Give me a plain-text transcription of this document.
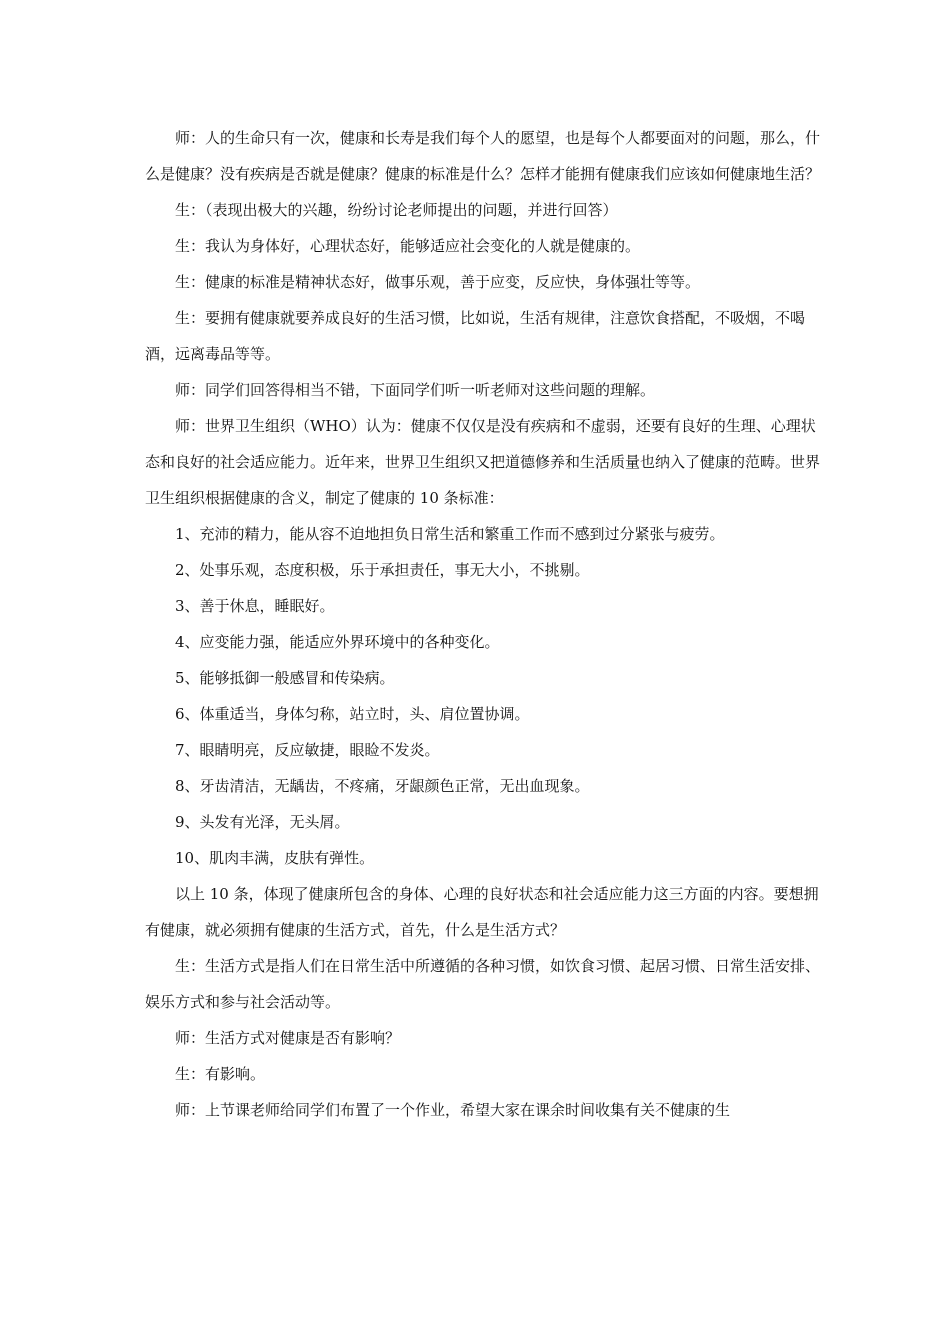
师：人的生命只有一次，健康和长寿是我们每个人的愿望，也是每个人都要面对的问题，那么，什么是健康？没有疾病是否就是健康？健康的标准是什么？怎样才能拥有健康我们应该如何健康地生活？

生：（表现出极大的兴趣，纷纷讨论老师提出的问题，并进行回答）

生：我认为身体好，心理状态好，能够适应社会变化的人就是健康的。

生：健康的标准是精神状态好，做事乐观，善于应变，反应快，身体强壮等等。

生：要拥有健康就要养成良好的生活习惯，比如说，生活有规律，注意饮食搭配，不吸烟，不喝酒，远离毒品等等。

师：同学们回答得相当不错，下面同学们听一听老师对这些问题的理解。

师：世界卫生组织（WHO）认为：健康不仅仅是没有疾病和不虚弱，还要有良好的生理、心理状态和良好的社会适应能力。近年来，世界卫生组织又把道德修养和生活质量也纳入了健康的范畴。世界卫生组织根据健康的含义，制定了健康的 10 条标准：

1、充沛的精力，能从容不迫地担负日常生活和繁重工作而不感到过分紧张与疲劳。

2、处事乐观，态度积极，乐于承担责任，事无大小，不挑剔。

3、善于休息，睡眠好。

4、应变能力强，能适应外界环境中的各种变化。

5、能够抵御一般感冒和传染病。

6、体重适当，身体匀称，站立时，头、肩位置协调。

7、眼睛明亮，反应敏捷，眼睑不发炎。

8、牙齿清洁，无龋齿，不疼痛，牙龈颜色正常，无出血现象。

9、头发有光泽，无头屑。

10、肌肉丰满，皮肤有弹性。

以上 10 条，体现了健康所包含的身体、心理的良好状态和社会适应能力这三方面的内容。要想拥有健康，就必须拥有健康的生活方式，首先，什么是生活方式？

生：生活方式是指人们在日常生活中所遵循的各种习惯，如饮食习惯、起居习惯、日常生活安排、娱乐方式和参与社会活动等。

师：生活方式对健康是否有影响？

生：有影响。

师：上节课老师给同学们布置了一个作业，希望大家在课余时间收集有关不健康的生
